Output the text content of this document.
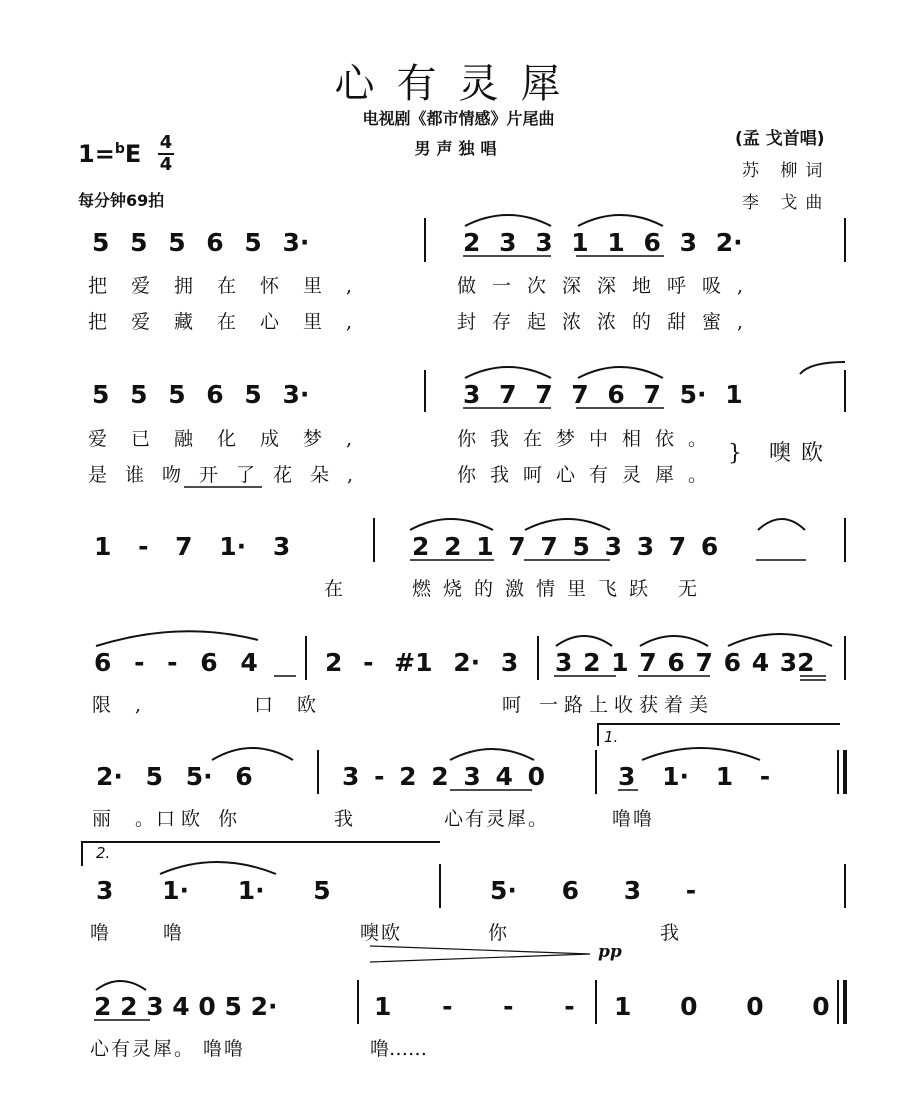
心有灵犀
电视剧《都市情感》片尾曲
男声独唱
1=$^b$E 4
4
每分钟69拍
(孟 戈首唱)
苏 柳词
李 戈曲
5 5 5 6 5 3·	2 3 3 1 1 6 3 2·
把爱拥在怀里,	做一次深深地呼吸,
把爱藏在心里,	封存起浓浓的甜蜜,
5 5 5 6 5 3·	3 7 7 7 6 7 5· 1
爱已融化成梦,	你我在梦中相依。
是谁吻开了花朵,	你我呵心有灵犀。
} 噢欧
1 - 7 1· 3	2 2 1 7 7 5 3 3 7 6
在 燃烧的激情里飞跃 无
6 - - 6 4	2 - #1 2· 3 3 2 1 7 6 7 6 4 32
限,	口欧	呵 一路上收获着美
2· 5 5· 6	3 - 2 2 3 4 0	3 1· 1 -
丽。
口欧 你	我	心有灵犀。	噜噜
1.
3 1· 1· 5	5· 6 3 -
噜 噜	噢欧	你	我
2.
pp
2 2 3 4 0 5 2·	1 - - - 1 0 0 0
心有灵犀。 噜噜	噜……
